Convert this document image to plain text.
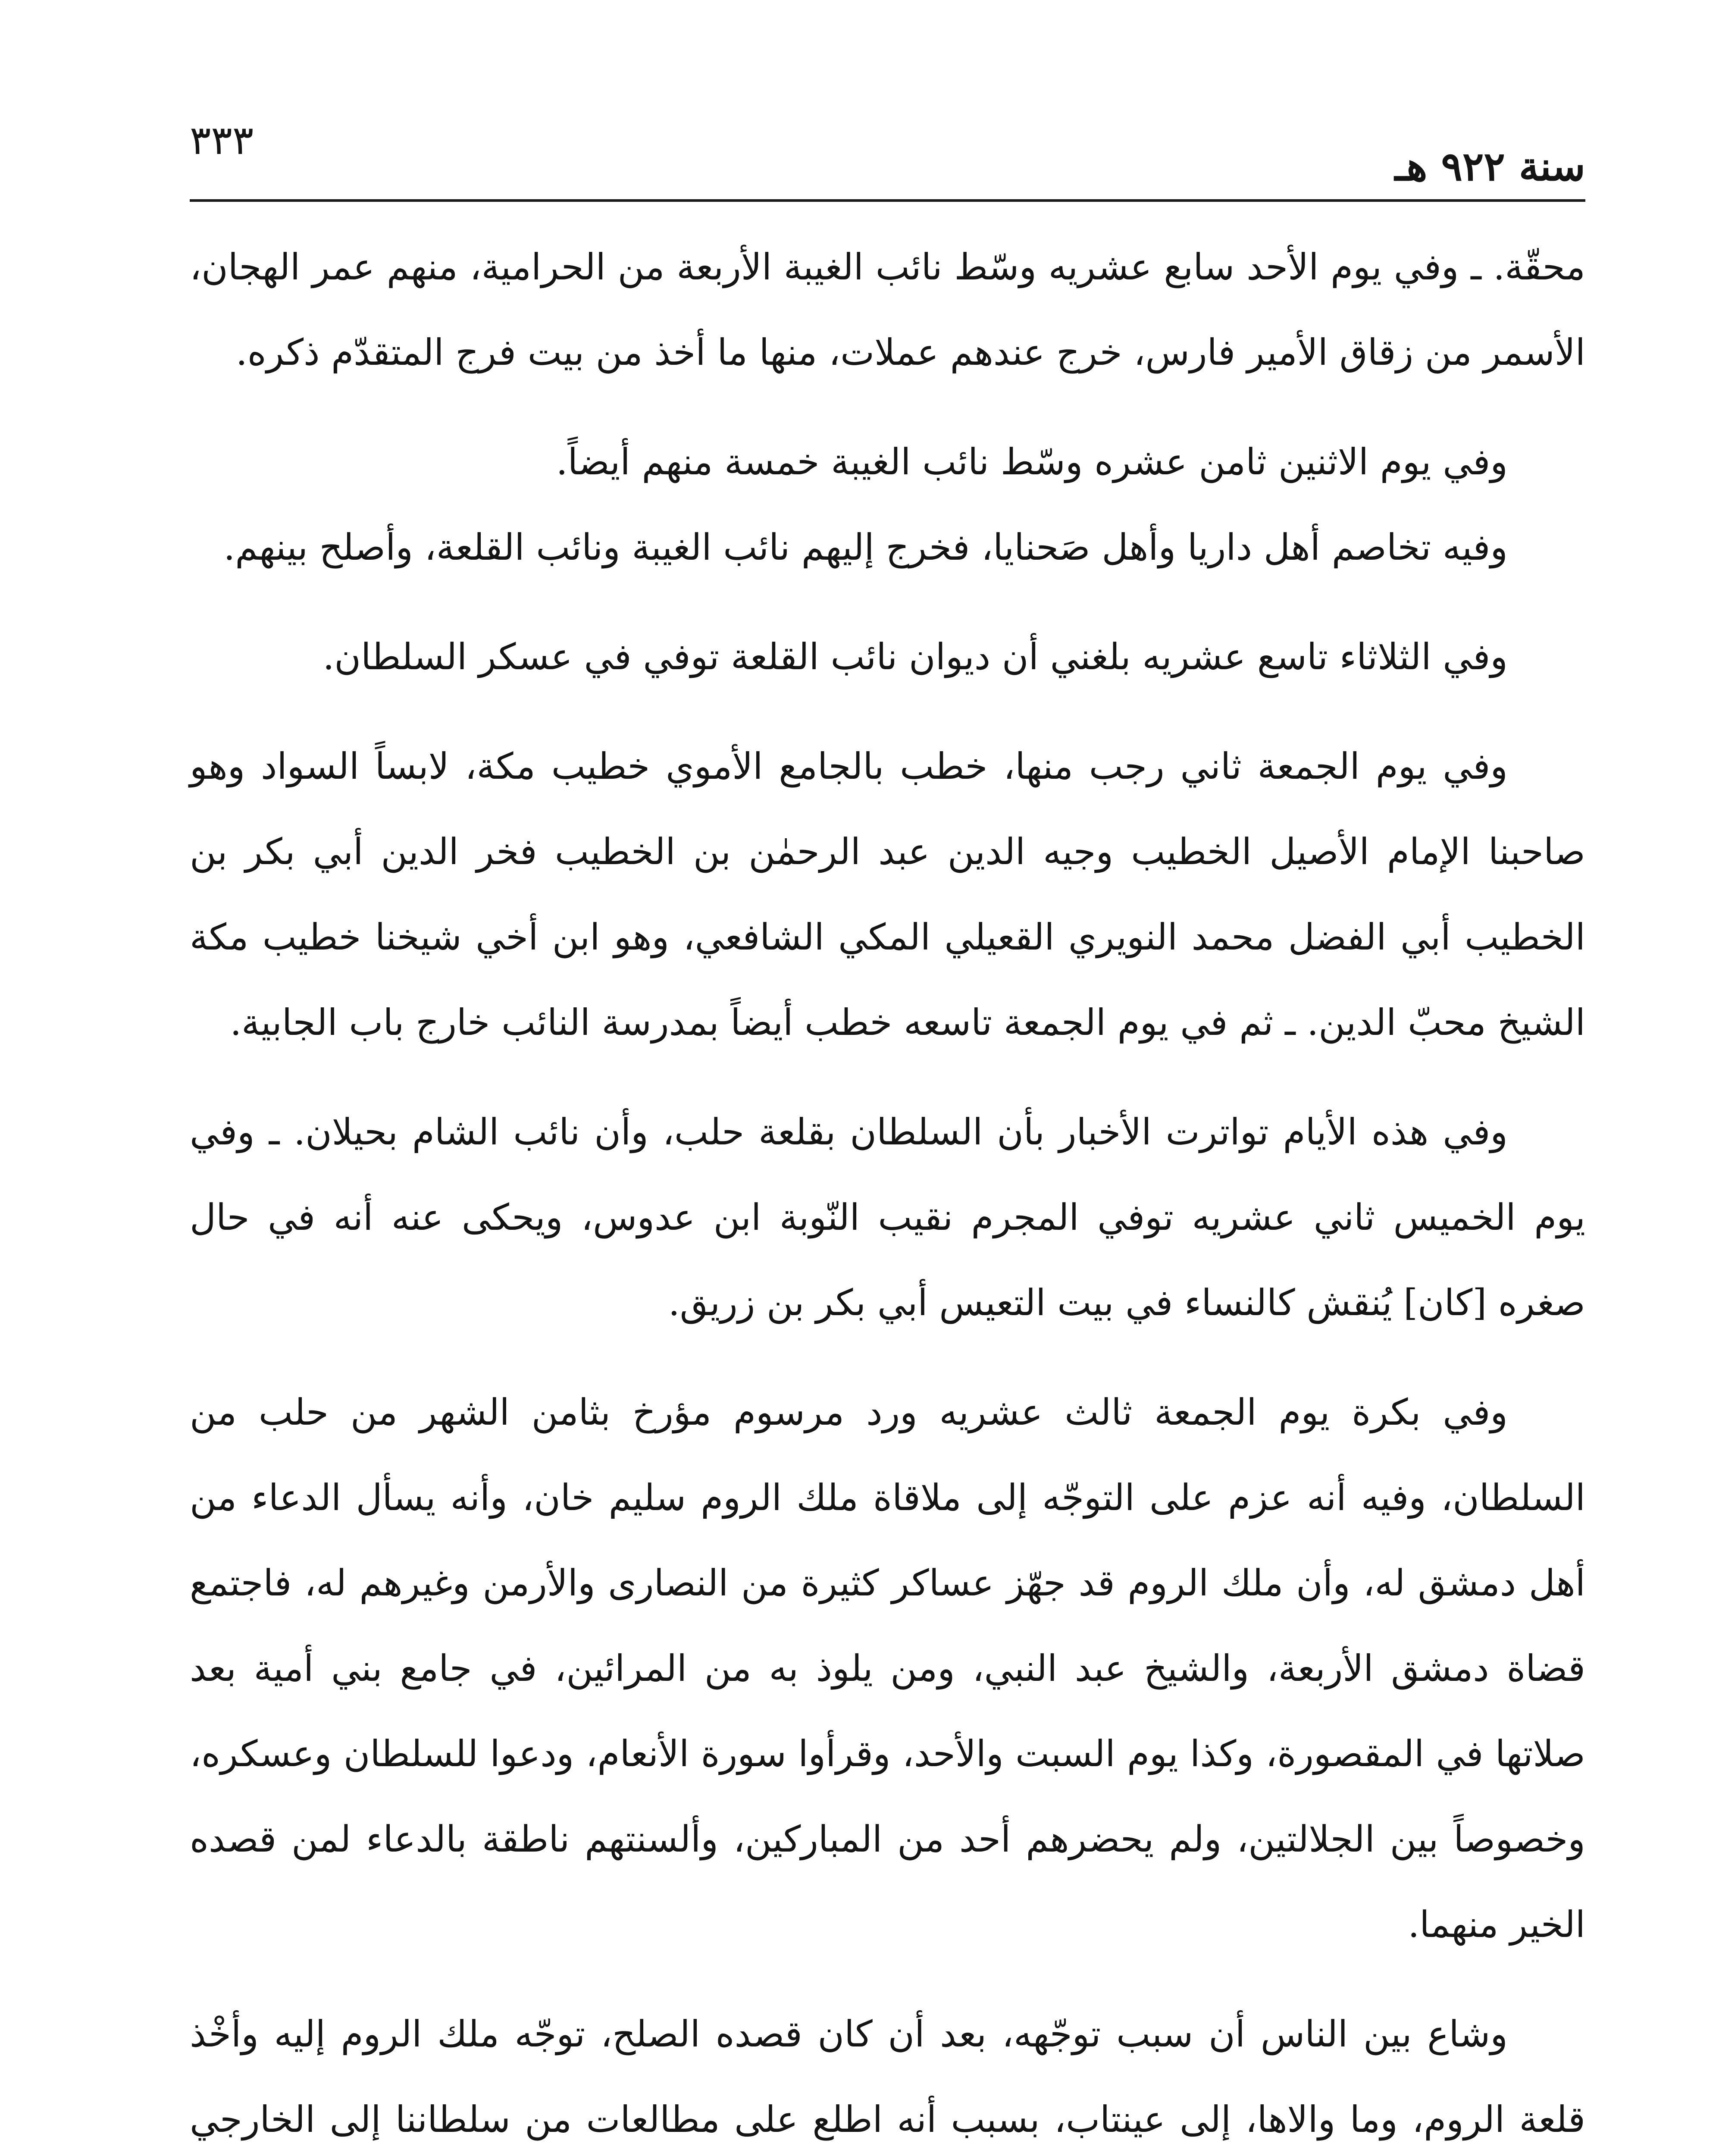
٣٣٣
سنة ٩٢٢ هـ

محقّة. ـ وفي يوم الأحد سابع عشريه وسّط نائب الغيبة الأربعة من الحرامية، منهم عمر الهجان، الأسمر من زقاق الأمير فارس، خرج عندهم عملات، منها ما أخذ من بيت فرج المتقدّم ذكره.

وفي يوم الاثنين ثامن عشره وسّط نائب الغيبة خمسة منهم أيضاً.

وفيه تخاصم أهل داريا وأهل صَحنايا، فخرج إليهم نائب الغيبة ونائب القلعة، وأصلح بينهم.

وفي الثلاثاء تاسع عشريه بلغني أن ديوان نائب القلعة توفي في عسكر السلطان.

وفي يوم الجمعة ثاني رجب منها، خطب بالجامع الأموي خطيب مكة، لابساً السواد وهو صاحبنا الإمام الأصيل الخطيب وجيه الدين عبد الرحمٰن بن الخطيب فخر الدين أبي بكر بن الخطيب أبي الفضل محمد النويري القعيلي المكي الشافعي، وهو ابن أخي شيخنا خطيب مكة الشيخ محبّ الدين. ـ ثم في يوم الجمعة تاسعه خطب أيضاً بمدرسة النائب خارج باب الجابية.

وفي هذه الأيام تواترت الأخبار بأن السلطان بقلعة حلب، وأن نائب الشام بحيلان. ـ وفي يوم الخميس ثاني عشريه توفي المجرم نقيب النّوبة ابن عدوس، ويحكى عنه أنه في حال صغره [كان] يُنقش كالنساء في بيت التعيس أبي بكر بن زريق.

وفي بكرة يوم الجمعة ثالث عشريه ورد مرسوم مؤرخ بثامن الشهر من حلب من السلطان، وفيه أنه عزم على التوجّه إلى ملاقاة ملك الروم سليم خان، وأنه يسأل الدعاء من أهل دمشق له، وأن ملك الروم قد جهّز عساكر كثيرة من النصارى والأرمن وغيرهم له، فاجتمع قضاة دمشق الأربعة، والشيخ عبد النبي، ومن يلوذ به من المرائين، في جامع بني أمية بعد صلاتها في المقصورة، وكذا يوم السبت والأحد، وقرأوا سورة الأنعام، ودعوا للسلطان وعسكره، وخصوصاً بين الجلالتين، ولم يحضرهم أحد من المباركين، وألسنتهم ناطقة بالدعاء لمن قصده الخير منهما.

وشاع بين الناس أن سبب توجّهه، بعد أن كان قصده الصلح، توجّه ملك الروم إليه وأخْذ قلعة الروم، وما والاها، إلى عينتاب، بسبب أنه اطلع على مطالعات من سلطاننا إلى الخارجي
